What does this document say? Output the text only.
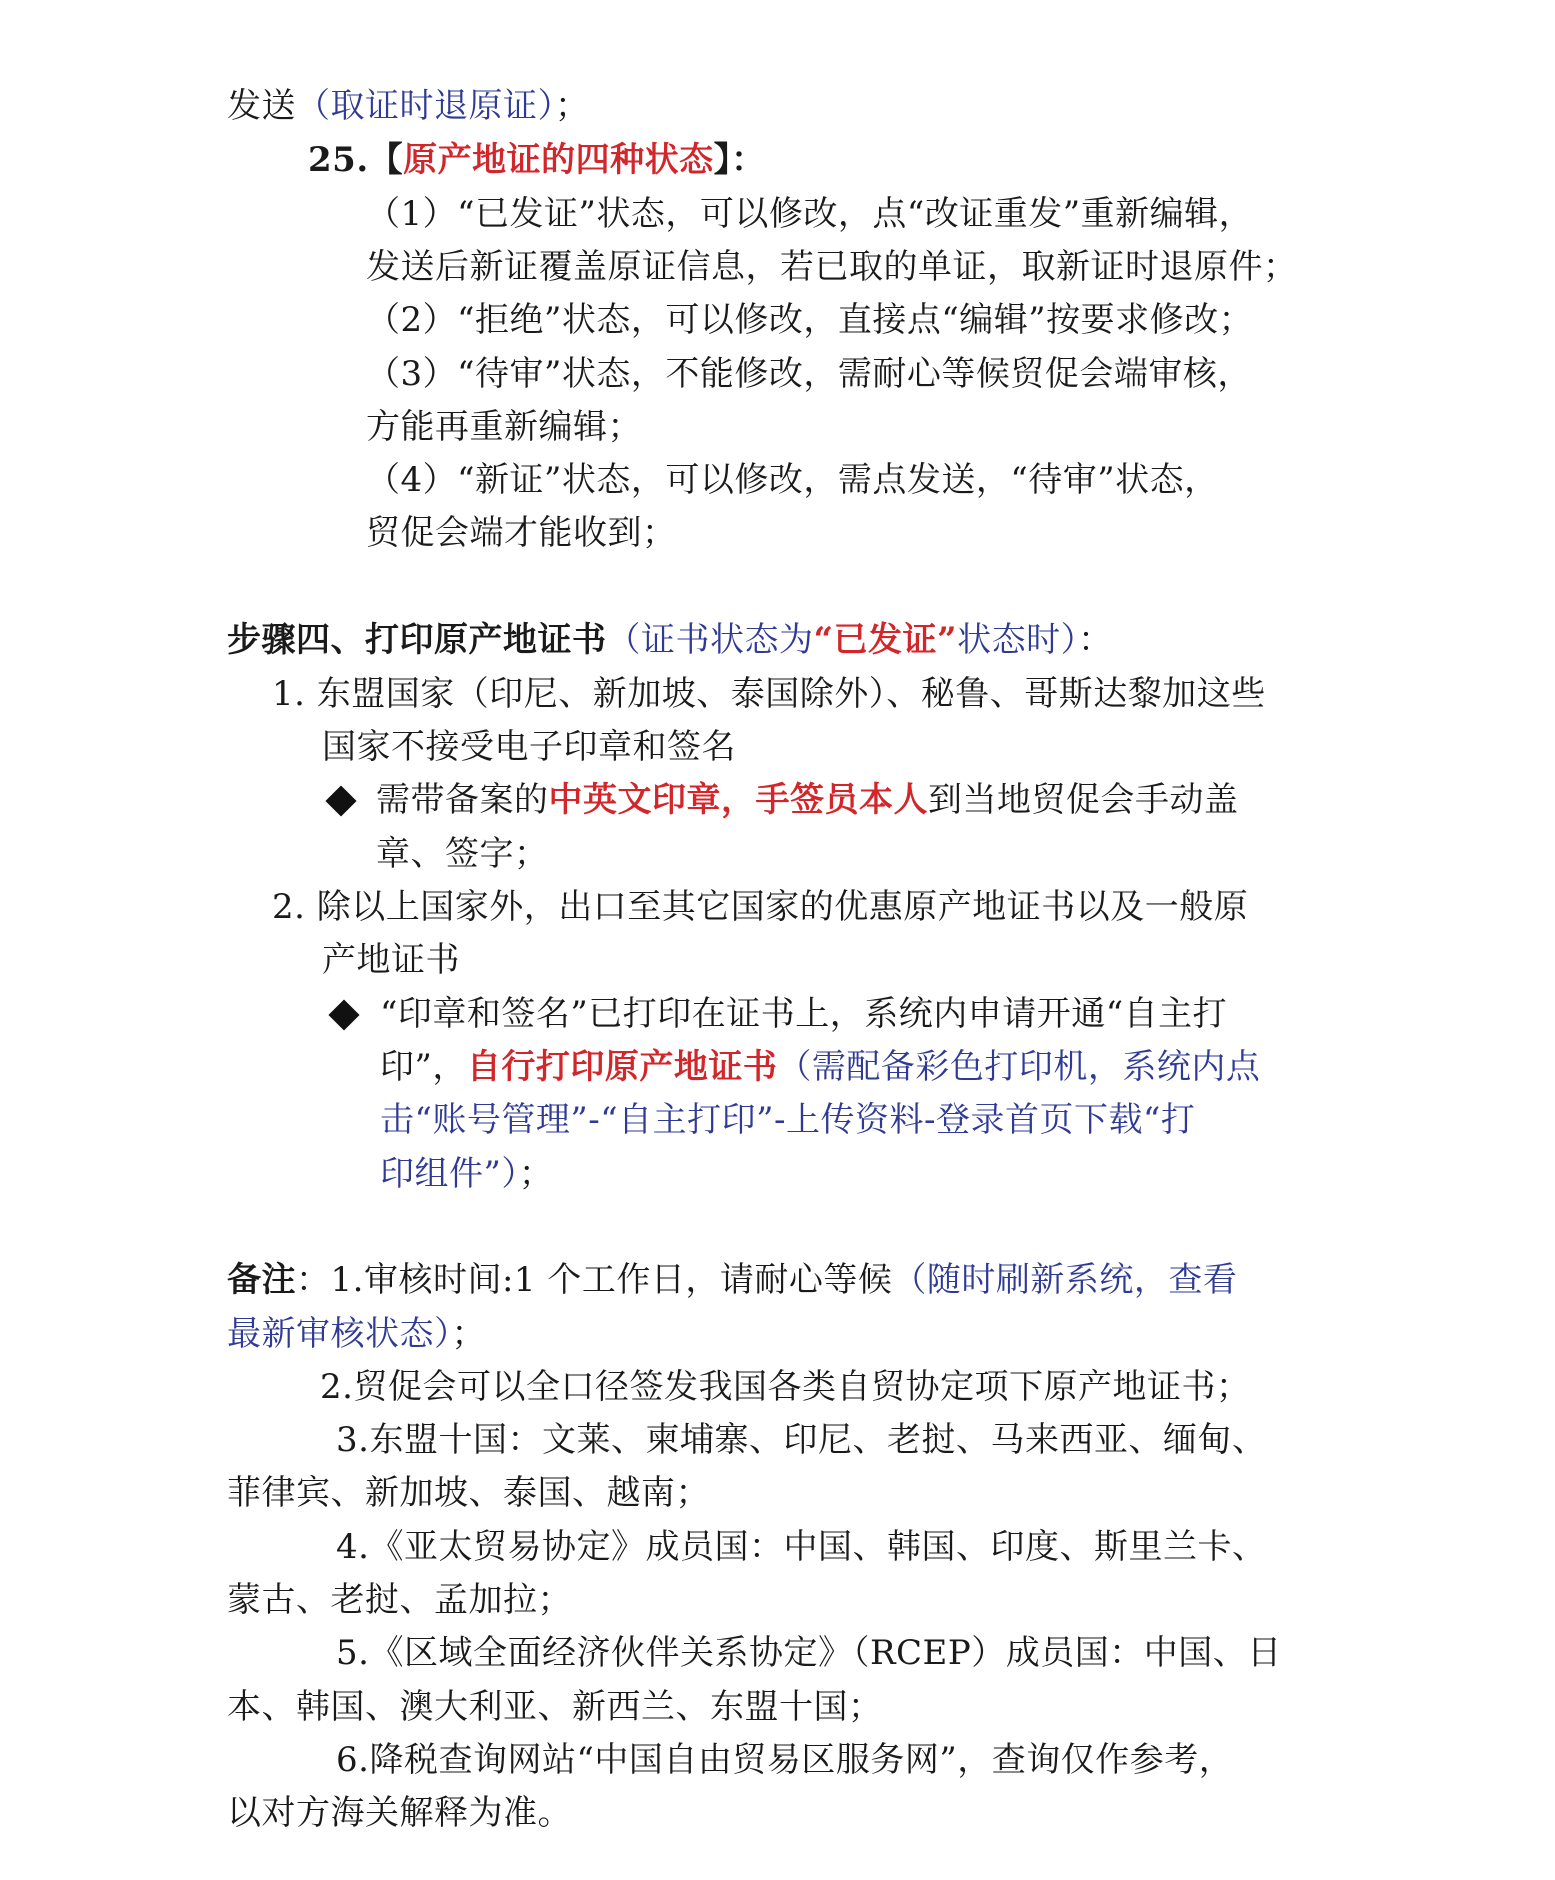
发送（取证时退原证）；
25.【原产地证的四种状态】：
（1）“已发证”状态，可以修改，点“改证重发”重新编辑，
发送后新证覆盖原证信息，若已取的单证，取新证时退原件；
（2）“拒绝”状态，可以修改，直接点“编辑”按要求修改；
（3）“待审”状态，不能修改，需耐心等候贸促会端审核，
方能再重新编辑；
（4）“新证”状态，可以修改，需点发送，“待审”状态，
贸促会端才能收到；
步骤四、打印原产地证书（证书状态为“已发证”状态时）：
1. 东盟国家（印尼、新加坡、泰国除外）、秘鲁、哥斯达黎加这些
国家不接受电子印章和签名
需带备案的中英文印章，手签员本人到当地贸促会手动盖
章、签字；
2. 除以上国家外，出口至其它国家的优惠原产地证书以及一般原
产地证书
“印章和签名”已打印在证书上，系统内申请开通“自主打
印”，自行打印原产地证书（需配备彩色打印机，系统内点
击“账号管理”-“自主打印”-上传资料-登录首页下载“打
印组件”）；
备注：1.审核时间:1 个工作日，请耐心等候（随时刷新系统，查看
最新审核状态）；
2.贸促会可以全口径签发我国各类自贸协定项下原产地证书；
3.东盟十国：文莱、柬埔寨、印尼、老挝、马来西亚、缅甸、
菲律宾、新加坡、泰国、越南；
4.《亚太贸易协定》成员国：中国、韩国、印度、斯里兰卡、
蒙古、老挝、孟加拉；
5.《区域全面经济伙伴关系协定》（RCEP）成员国：中国、日
本、韩国、澳大利亚、新西兰、东盟十国；
6.降税查询网站“中国自由贸易区服务网”，查询仅作参考，
以对方海关解释为准。
